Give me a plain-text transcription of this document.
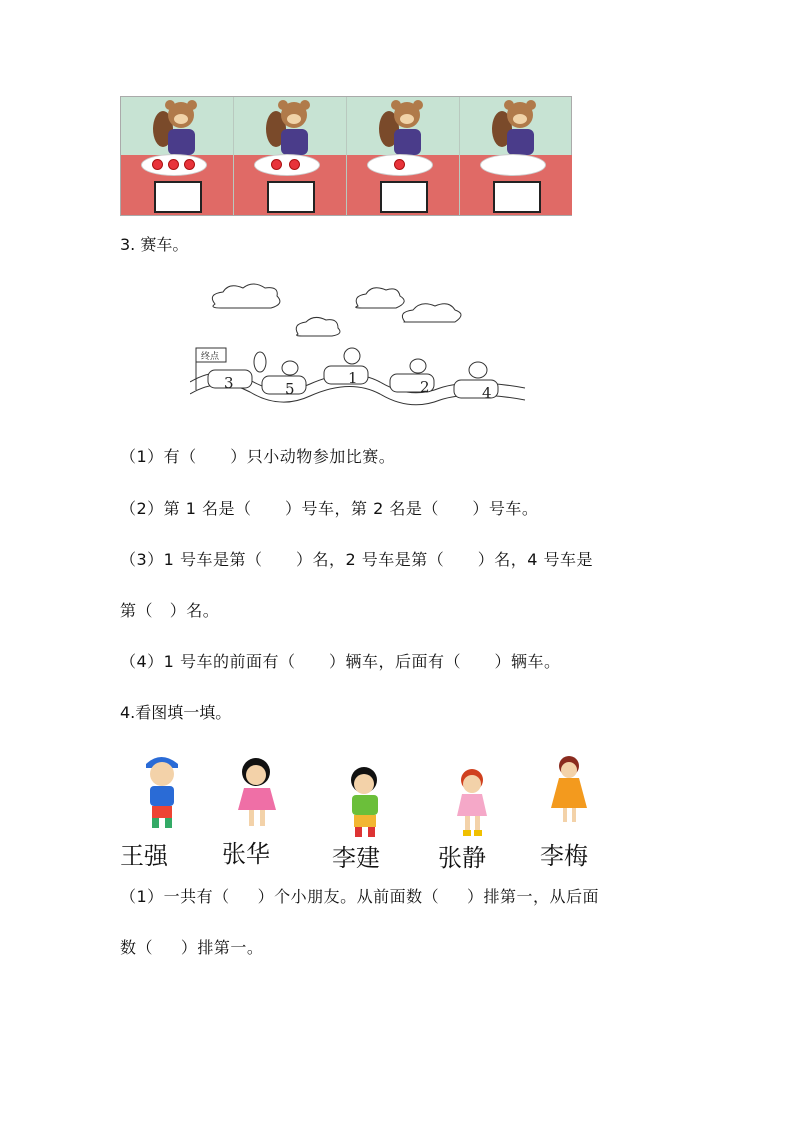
3. 赛车。
终点
3	5
1	2	4
（1）有（      ）只小动物参加比赛。
（2）第 1 名是（      ）号车，第 2 名是（      ）号车。
（3）1 号车是第（      ）名，2 号车是第（      ）名，4 号车是
第（   ）名。
（4）1 号车的前面有（      ）辆车，后面有（      ）辆车。
4.看图填一填。
王强 张华	李建 张静 李梅
（1）一共有（     ）个小朋友。从前面数（     ）排第一，从后面
数（     ）排第一。
